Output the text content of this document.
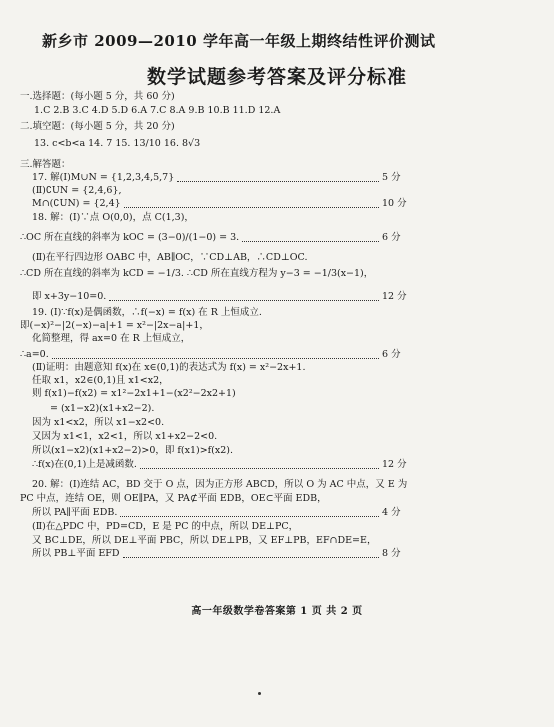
新乡市 2009—2010 学年高一年级上期终结性评价测试
数学试题参考答案及评分标准
一.选择题：(每小题 5 分，共 60 分)
1.C 2.B 3.C 4.D 5.D 6.A 7.C 8.A 9.B 10.B 11.D 12.A
二.填空题：(每小题 5 分，共 20 分)
13. c<b<a 14. 7 15. 13/10 16. 8√3
三.解答题：
17. 解(Ⅰ)M∪N = {1,2,3,4,5,7}	5 分
(Ⅱ)∁UN = {2,4,6},
M∩(∁UN) = {2,4}	10 分
18. 解：(Ⅰ)∵点 O(0,0)，点 C(1,3)，
∴OC 所在直线的斜率为 kOC = (3−0)/(1−0) = 3.	6 分
(Ⅱ)在平行四边形 OABC 中，AB∥OC，∵CD⊥AB，∴CD⊥OC.
∴CD 所在直线的斜率为 kCD = −1/3. ∴CD 所在直线方程为 y−3 = −1/3(x−1)，
即 x+3y−10=0.	12 分
19. (Ⅰ)∵f(x)是偶函数，∴f(−x) = f(x) 在 R 上恒成立.
即(−x)²−|2(−x)−a|+1 = x²−|2x−a|+1，
化简整理，得 ax=0 在 R 上恒成立，
∴a=0.	6 分
(Ⅱ)证明：由题意知 f(x)在 x∈(0,1)的表达式为 f(x) = x²−2x+1.
任取 x1，x2∈(0,1)且 x1<x2，
则 f(x1)−f(x2) = x1²−2x1+1−(x2²−2x2+1)
= (x1−x2)(x1+x2−2).
因为 x1<x2，所以 x1−x2<0.
又因为 x1<1，x2<1，所以 x1+x2−2<0.
所以(x1−x2)(x1+x2−2)>0，即 f(x1)>f(x2).
∴f(x)在(0,1)上是减函数.	12 分
20. 解：(Ⅰ)连结 AC，BD 交于 O 点，因为正方形 ABCD，所以 O 为 AC 中点，又 E 为
PC 中点，连结 OE，则 OE∥PA，又 PA⊄平面 EDB，OE⊂平面 EDB，
所以 PA∥平面 EDB.	4 分
(Ⅱ)在△PDC 中，PD=CD，E 是 PC 的中点，所以 DE⊥PC，
又 BC⊥DE，所以 DE⊥平面 PBC，所以 DE⊥PB，又 EF⊥PB，EF∩DE=E，
所以 PB⊥平面 EFD	8 分
高一年级数学卷答案第 1 页 共 2 页
